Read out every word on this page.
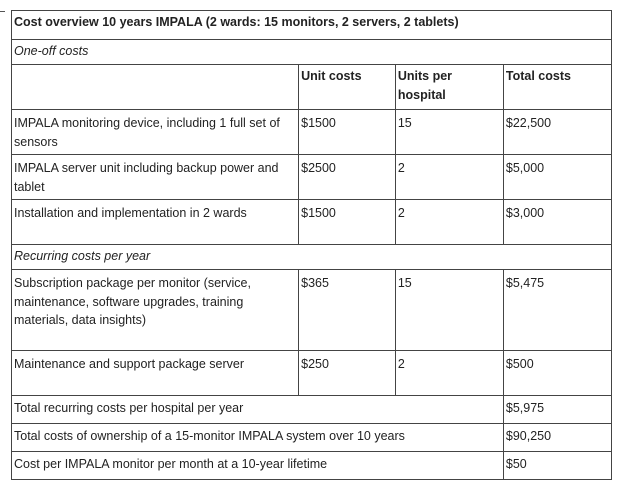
Cost overview 10 years IMPALA (2 wards: 15 monitors, 2 servers, 2 tablets)			
One-off costs			
	Unit costs	Units per hospital	Total costs
IMPALA monitoring device, including 1 full set of sensors	$1500	15	$22,500
IMPALA server unit including backup power and tablet	$2500	2	$5,000
Installation and implementation in 2 wards	$1500	2	$3,000
Recurring costs per year			
Subscription package per monitor (service, maintenance, software upgrades, training materials, data insights)	$365	15	$5,475
Maintenance and support package server	$250	2	$500
Total recurring costs per hospital per year			$5,975
Total costs of ownership of a 15-monitor IMPALA system over 10 years			$90,250
Cost per IMPALA monitor per month at a 10-year lifetime			$50
